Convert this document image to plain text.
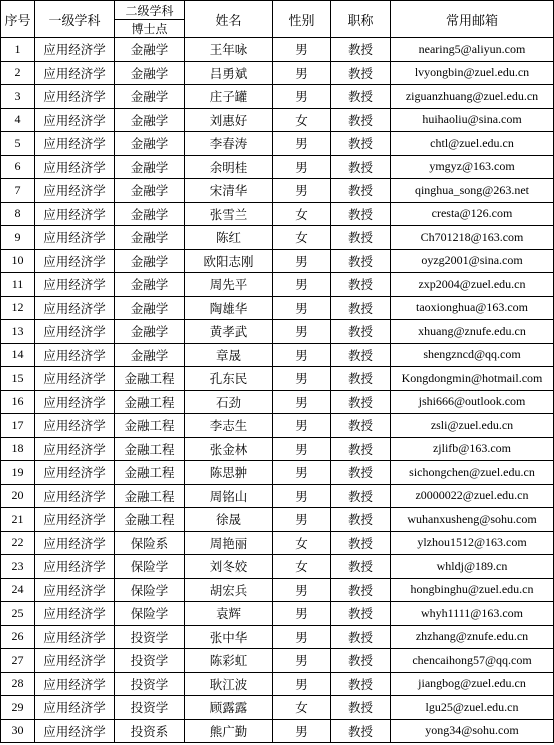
序号	一级学科	二级学科	姓名	性别	职称	常用邮箱
		博士点				
1	应用经济学	金融学	王年咏	男	教授	nearing5@aliyun.com
2	应用经济学	金融学	吕勇斌	男	教授	lvyongbin@zuel.edu.cn
3	应用经济学	金融学	庄子罐	男	教授	ziguanzhuang@zuel.edu.cn
4	应用经济学	金融学	刘惠好	女	教授	huihaoliu@sina.com
5	应用经济学	金融学	李春涛	男	教授	chtl@zuel.edu.cn
6	应用经济学	金融学	余明桂	男	教授	ymgyz@163.com
7	应用经济学	金融学	宋清华	男	教授	qinghua_song@263.net
8	应用经济学	金融学	张雪兰	女	教授	cresta@126.com
9	应用经济学	金融学	陈红	女	教授	Ch701218@163.com
10	应用经济学	金融学	欧阳志刚	男	教授	oyzg2001@sina.com
11	应用经济学	金融学	周先平	男	教授	zxp2004@zuel.edu.cn
12	应用经济学	金融学	陶雄华	男	教授	taoxionghua@163.com
13	应用经济学	金融学	黄孝武	男	教授	xhuang@znufe.edu.cn
14	应用经济学	金融学	章晟	男	教授	shengzncd@qq.com
15	应用经济学	金融工程	孔东民	男	教授	Kongdongmin@hotmail.com
16	应用经济学	金融工程	石劲	男	教授	jshi666@outlook.com
17	应用经济学	金融工程	李志生	男	教授	zsli@zuel.edu.cn
18	应用经济学	金融工程	张金林	男	教授	zjlifb@163.com
19	应用经济学	金融工程	陈思翀	男	教授	sichongchen@zuel.edu.cn
20	应用经济学	金融工程	周铭山	男	教授	z0000022@zuel.edu.cn
21	应用经济学	金融工程	徐晟	男	教授	wuhanxusheng@sohu.com
22	应用经济学	保险系	周艳丽	女	教授	ylzhou1512@163.com
23	应用经济学	保险学	刘冬姣	女	教授	whldj@189.cn
24	应用经济学	保险学	胡宏兵	男	教授	hongbinghu@zuel.edu.cn
25	应用经济学	保险学	袁辉	男	教授	whyh1111@163.com
26	应用经济学	投资学	张中华	男	教授	zhzhang@znufe.edu.cn
27	应用经济学	投资学	陈彩虹	男	教授	chencaihong57@qq.com
28	应用经济学	投资学	耿江波	男	教授	jiangbog@zuel.edu.cn
29	应用经济学	投资学	顾露露	女	教授	lgu25@zuel.edu.cn
30	应用经济学	投资系	熊广勤	男	教授	yong34@sohu.com
